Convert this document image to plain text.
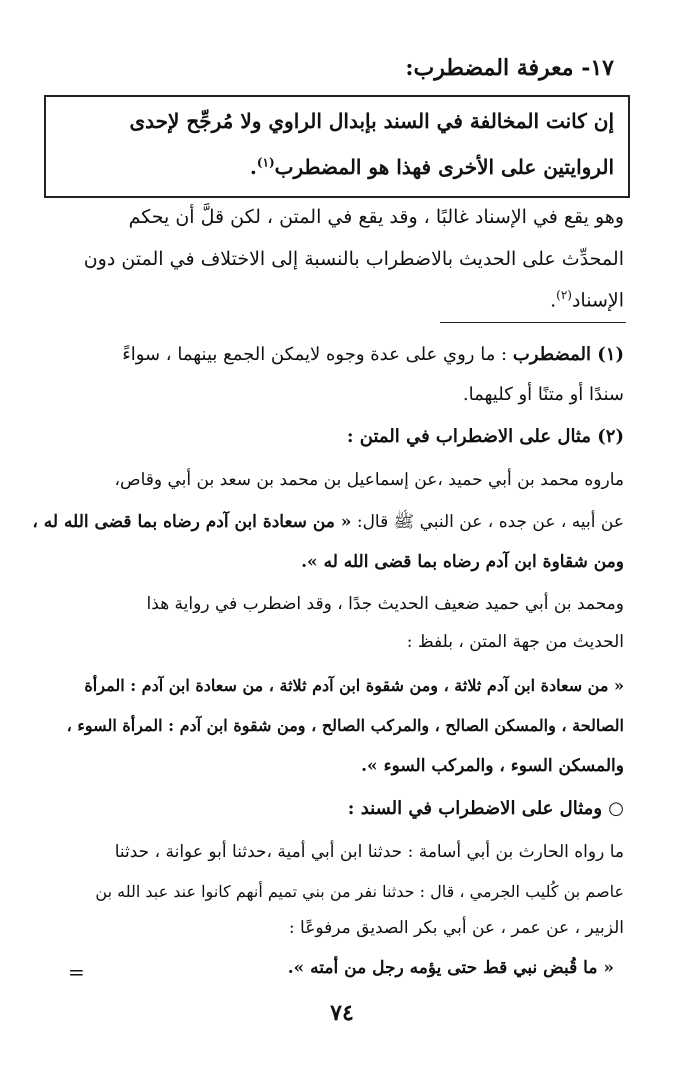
١٧- معرفة المضطرب:
إن كانت المخالفة في السند بإبدال الراوي ولا مُرجِّح لإحدى
الروايتين على الأخرى فهذا هو المضطرب$^{(١)}$.
وهو يقع في الإسناد غالبًا ، وقد يقع في المتن ، لكن قلَّ أن يحكم
المحدِّث على الحديث بالاضطراب بالنسبة إلى الاختلاف في المتن دون
الإسناد$^{(٢)}$.
(١) المضطرب : ما روي على عدة وجوه لايمكن الجمع بينهما ، سواءً
سندًا أو متنًا أو كليهما.
(٢) مثال على الاضطراب في المتن :
ماروه محمد بن أبي حميد ،عن إسماعيل بن محمد بن سعد بن أبي وقاص،
عن أبيه ، عن جده ، عن النبي ﷺ قال: « من سعادة ابن آدم رضاه بما قضى الله له ،
ومن شقاوة ابن آدم رضاه بما قضى الله له ».
ومحمد بن أبي حميد ضعيف الحديث جدًا ، وقد اضطرب في رواية هذا
الحديث من جهة المتن ، بلفظ :
« من سعادة ابن آدم ثلاثة ، ومن شقوة ابن آدم ثلاثة ، من سعادة ابن آدم : المرأة
الصالحة ، والمسكن الصالح ، والمركب الصالح ، ومن شقوة ابن آدم : المرأة السوء ،
والمسكن السوء ، والمركب السوء ».
○ ومثال على الاضطراب في السند :
ما رواه الحارث بن أبي أسامة : حدثنا ابن أبي أمية ،حدثنا أبو عوانة ، حدثنا
عاصم بن كُليب الجرمي ، قال : حدثنا نفر من بني تميم أنهم كانوا عند عبد الله بن
الزبير ، عن عمر ، عن أبي بكر الصديق مرفوعًا :
« ما قُبض نبي قط حتى يؤمه رجل من أمته ».
=
٧٤
